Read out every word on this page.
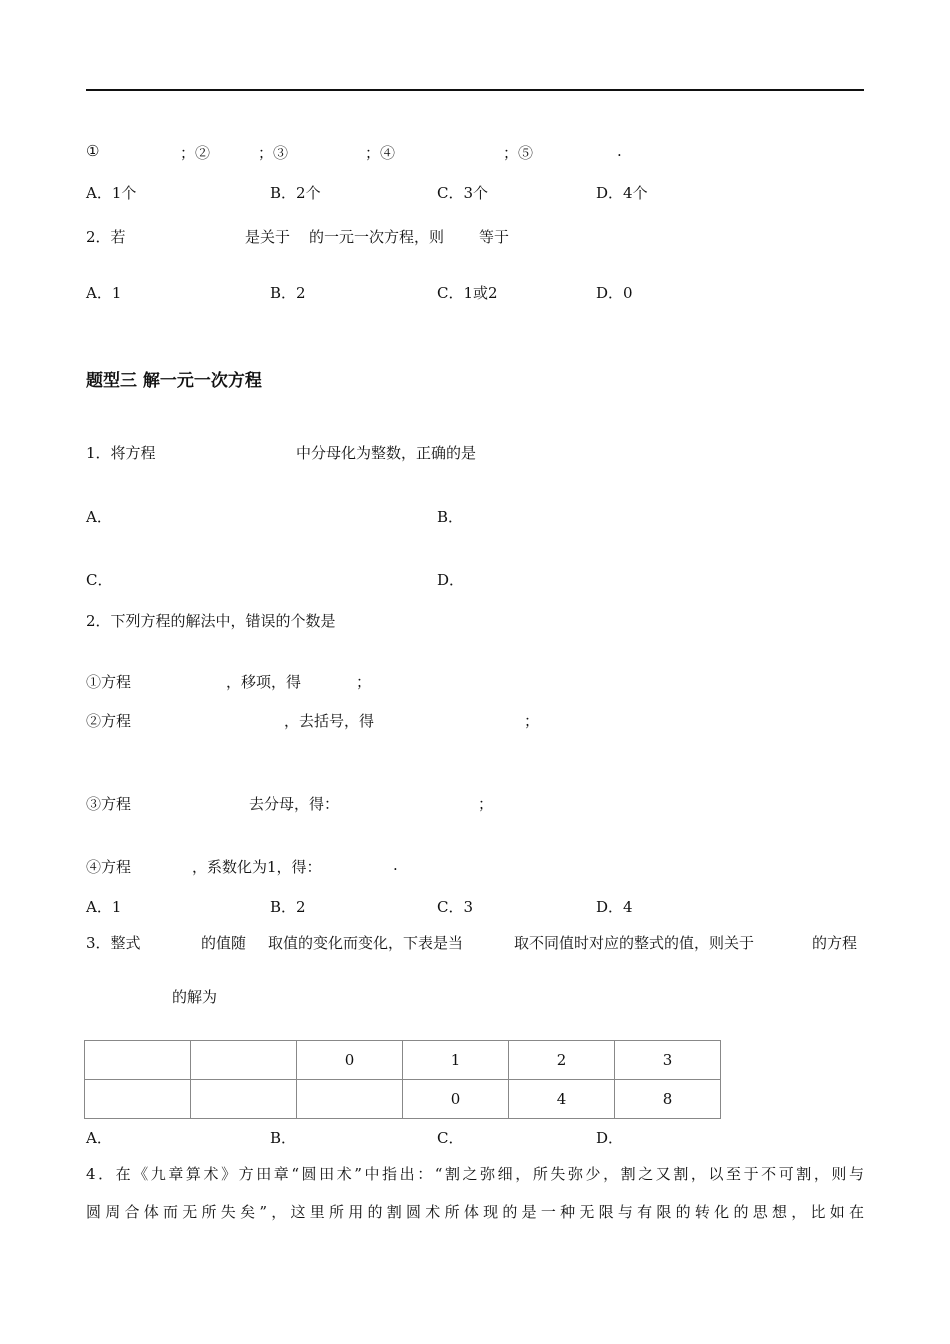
①	；②	；③	；④	；⑤	.
A．1个	B．2个	C．3个	D．4个
2．若	是关于 的一元一次方程，则 等于
A．1	B．2	C．1或2	D．0
题型三 解一元一次方程
1．将方程	中分母化为整数，正确的是
A．	B．
C．	D．
2．下列方程的解法中，错误的个数是
①方程	，移项，得	；
②方程	，去括号，得	；
③方程	去分母，得：	；
④方程	，系数化为1，得：	.
A．1	B．2	C．3	D．4
3．整式	的值随 取值的变化而变化，下表是当	取不同值时对应的整式的值，则关于	的方程
的解为
		0	1	2	3
			0	4	8
A．	B．	C．	D．
4．在《九章算术》方田章“圆田术”中指出：“割之弥细，所失弥少，割之又割，以至于不可割，则与
圆周合体而无所失矣”，这里所用的割圆术所体现的是一种无限与有限的转化的思想，比如在
